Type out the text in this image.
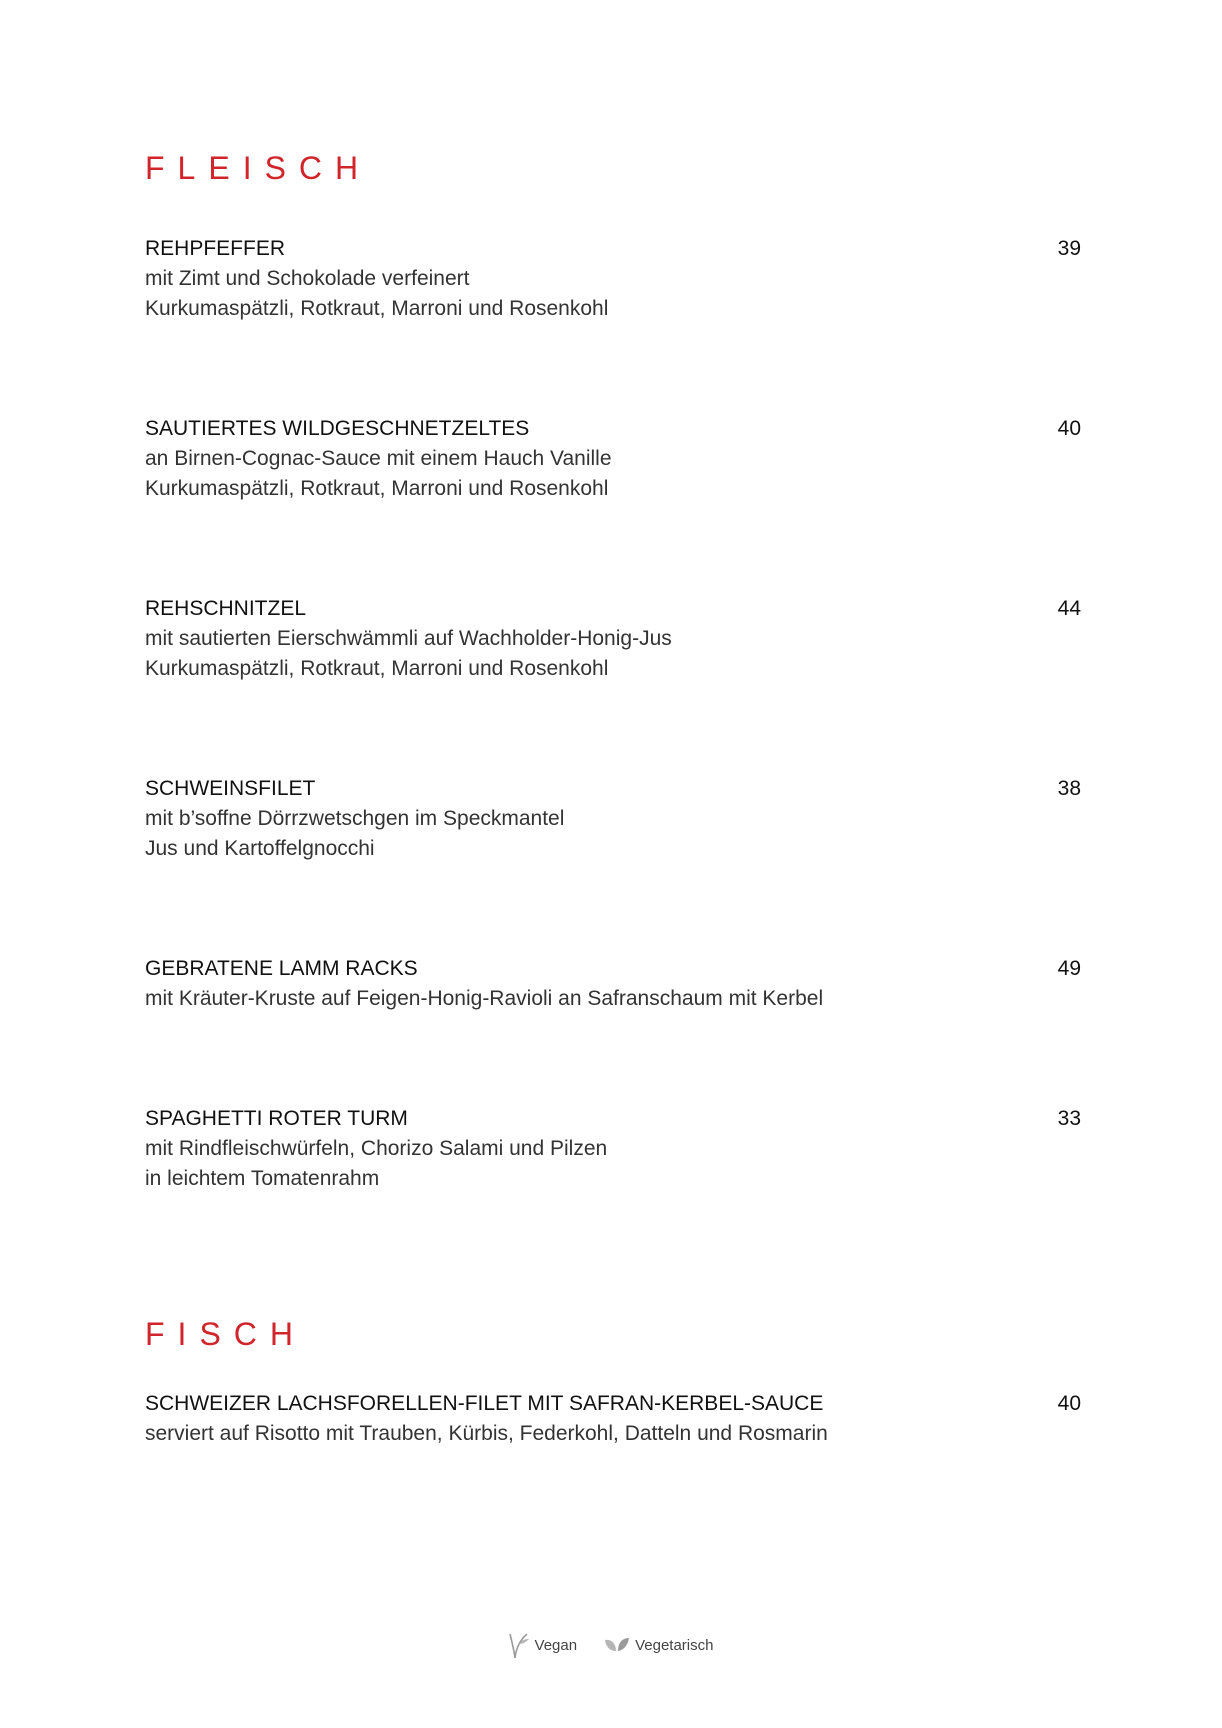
FLEISCH
REHPFEFFER	39
mit Zimt und Schokolade verfeinert
Kurkumaspätzli, Rotkraut, Marroni und Rosenkohl
SAUTIERTES WILDGESCHNETZELTES	40
an Birnen-Cognac-Sauce mit einem Hauch Vanille
Kurkumaspätzli, Rotkraut, Marroni und Rosenkohl
REHSCHNITZEL	44
mit sautierten Eierschwämmli auf Wachholder-Honig-Jus
Kurkumaspätzli, Rotkraut, Marroni und Rosenkohl
SCHWEINSFILET	38
mit b’soffne Dörrzwetschgen im Speckmantel
Jus und Kartoffelgnocchi
GEBRATENE LAMM RACKS	49
mit Kräuter-Kruste auf Feigen-Honig-Ravioli an Safranschaum mit Kerbel
SPAGHETTI ROTER TURM	33
mit Rindfleischwürfeln, Chorizo Salami und Pilzen
in leichtem Tomatenrahm
FISCH
SCHWEIZER LACHSFORELLEN-FILET MIT SAFRAN-KERBEL-SAUCE	40
serviert auf Risotto mit Trauben, Kürbis, Federkohl, Datteln und Rosmarin
Vegan	Vegetarisch
